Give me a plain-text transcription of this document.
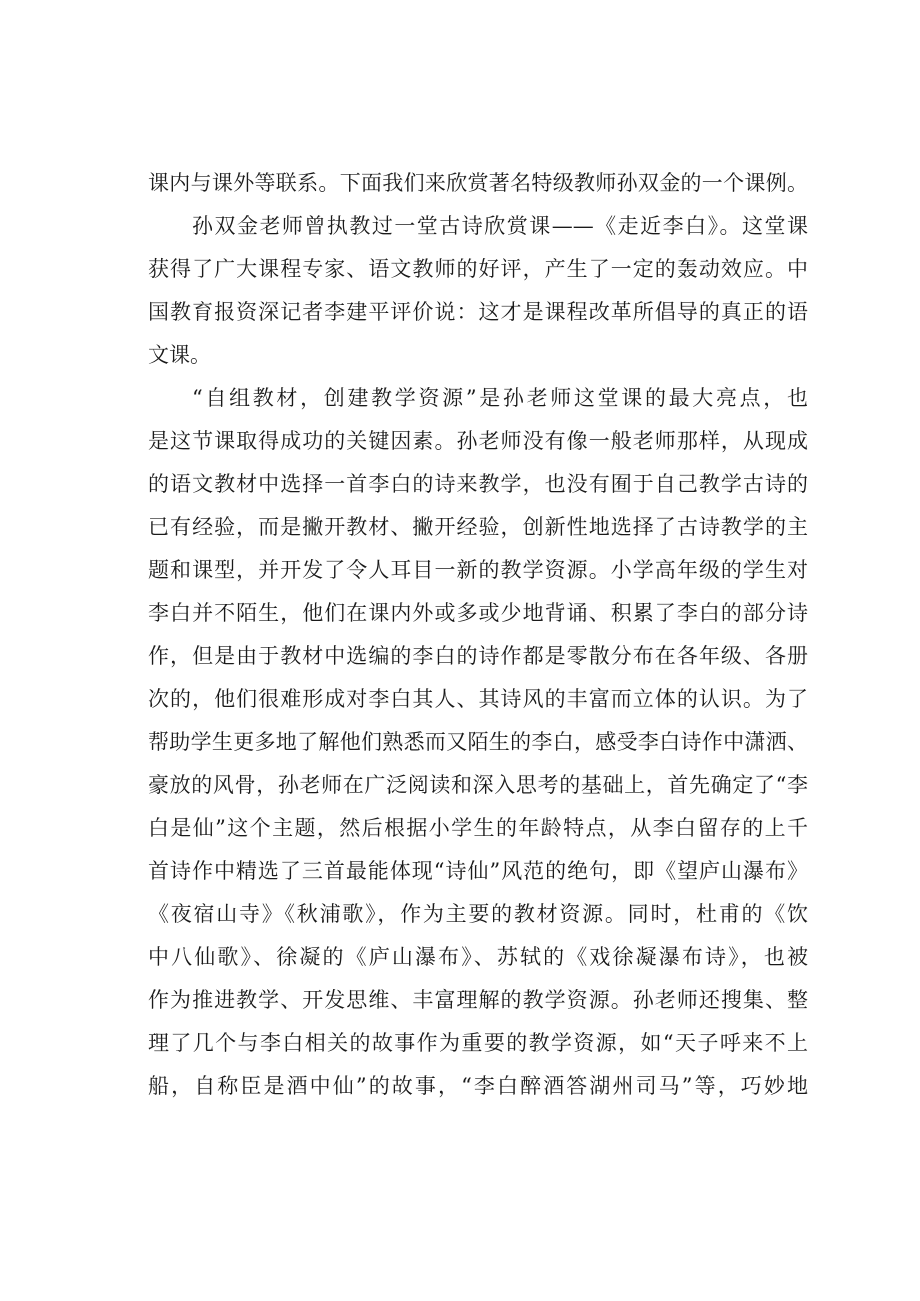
课内与课外等联系。下面我们来欣赏著名特级教师孙双金的一个课例。
孙双金老师曾执教过一堂古诗欣赏课——《走近李白》。这堂课
获得了广大课程专家、语文教师的好评，产生了一定的轰动效应。中
国教育报资深记者李建平评价说：这才是课程改革所倡导的真正的语
文课。
“自组教材，创建教学资源”是孙老师这堂课的最大亮点，也
是这节课取得成功的关键因素。孙老师没有像一般老师那样，从现成
的语文教材中选择一首李白的诗来教学，也没有囿于自己教学古诗的
已有经验，而是撇开教材、撇开经验，创新性地选择了古诗教学的主
题和课型，并开发了令人耳目一新的教学资源。小学高年级的学生对
李白并不陌生，他们在课内外或多或少地背诵、积累了李白的部分诗
作，但是由于教材中选编的李白的诗作都是零散分布在各年级、各册
次的，他们很难形成对李白其人、其诗风的丰富而立体的认识。为了
帮助学生更多地了解他们熟悉而又陌生的李白，感受李白诗作中潇洒、
豪放的风骨，孙老师在广泛阅读和深入思考的基础上，首先确定了“李
白是仙”这个主题，然后根据小学生的年龄特点，从李白留存的上千
首诗作中精选了三首最能体现“诗仙”风范的绝句，即《望庐山瀑布》
《夜宿山寺》《秋浦歌》，作为主要的教材资源。同时，杜甫的《饮
中八仙歌》、徐凝的《庐山瀑布》、苏轼的《戏徐凝瀑布诗》，也被
作为推进教学、开发思维、丰富理解的教学资源。孙老师还搜集、整
理了几个与李白相关的故事作为重要的教学资源，如“天子呼来不上
船，自称臣是酒中仙”的故事，“李白醉酒答湖州司马”等，巧妙地
